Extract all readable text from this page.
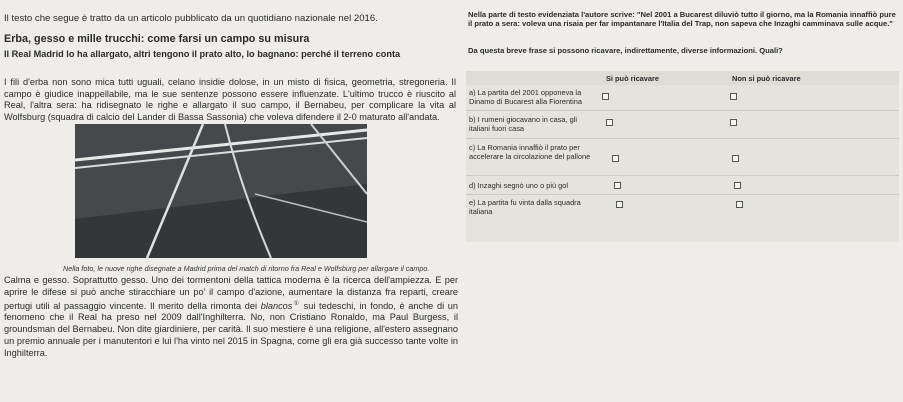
Il testo che segue è tratto da un articolo pubblicato da un quotidiano nazionale nel 2016.
Erba, gesso e mille trucchi: come farsi un campo su misura
Il Real Madrid lo ha allargato, altri tengono il prato alto, lo bagnano: perché il terreno conta
I fili d'erba non sono mica tutti uguali, celano insidie dolose, in un misto di fisica, geometria, stregoneria. Il campo è giudice inappellabile, ma le sue sentenze possono essere influenzate. L'ultimo trucco è riuscito al Real, l'altra sera: ha ridisegnato le righe e allargato il suo campo, il Bernabeu, per complicare la vita al Wolfsburg (squadra di calcio del Lander di Bassa Sassonia) che voleva difendere il 2-0 maturato all'andata.
Nella foto, le nuove righe disegnate a Madrid prima del match di ritorno fra Real e Wolfsburg per allargare il campo.
Calma e gesso. Soprattutto gesso. Uno dei tormentoni della tattica moderna è la ricerca dell'ampiezza. E per aprire le difese si può anche stiracchiare un po' il campo d'azione, aumentare la distanza fra reparti, creare pertugi utili al passaggio vincente. Il merito della rimonta dei blancos① sui tedeschi, in fondo, è anche di un fenomeno che il Real ha preso nel 2009 dall'Inghilterra. No, non Cristiano Ronaldo, ma Paul Burgess, il groundsman del Bernabeu. Non dite giardiniere, per carità. Il suo mestiere è una religione, all'estero assegnano un premio annuale per i manutentori e lui l'ha vinto nel 2015 in Spagna, come gli era già successo tante volte in Inghilterra.
Nella parte di testo evidenziata l'autore scrive: "Nel 2001 a Bucarest diluviò tutto il giorno, ma la Romania innaffiò pure il prato a sera: voleva una risaia per far impantanare l'Italia del Trap, non sapeva che Inzaghi camminava sulle acque."
Da questa breve frase si possono ricavare, indirettamente, diverse informazioni. Quali?
Si può ricavare	Non si può ricavare
a) La partita del 2001 opponeva la Dinamo di Bucarest alla Fiorentina
b) I rumeni giocavano in casa, gli italiani fuori casa
c) La Romania innaffiò il prato per accelerare la circolazione del pallone
d) Inzaghi segnò uno o più gol
e) La partita fu vinta dalla squadra italiana
